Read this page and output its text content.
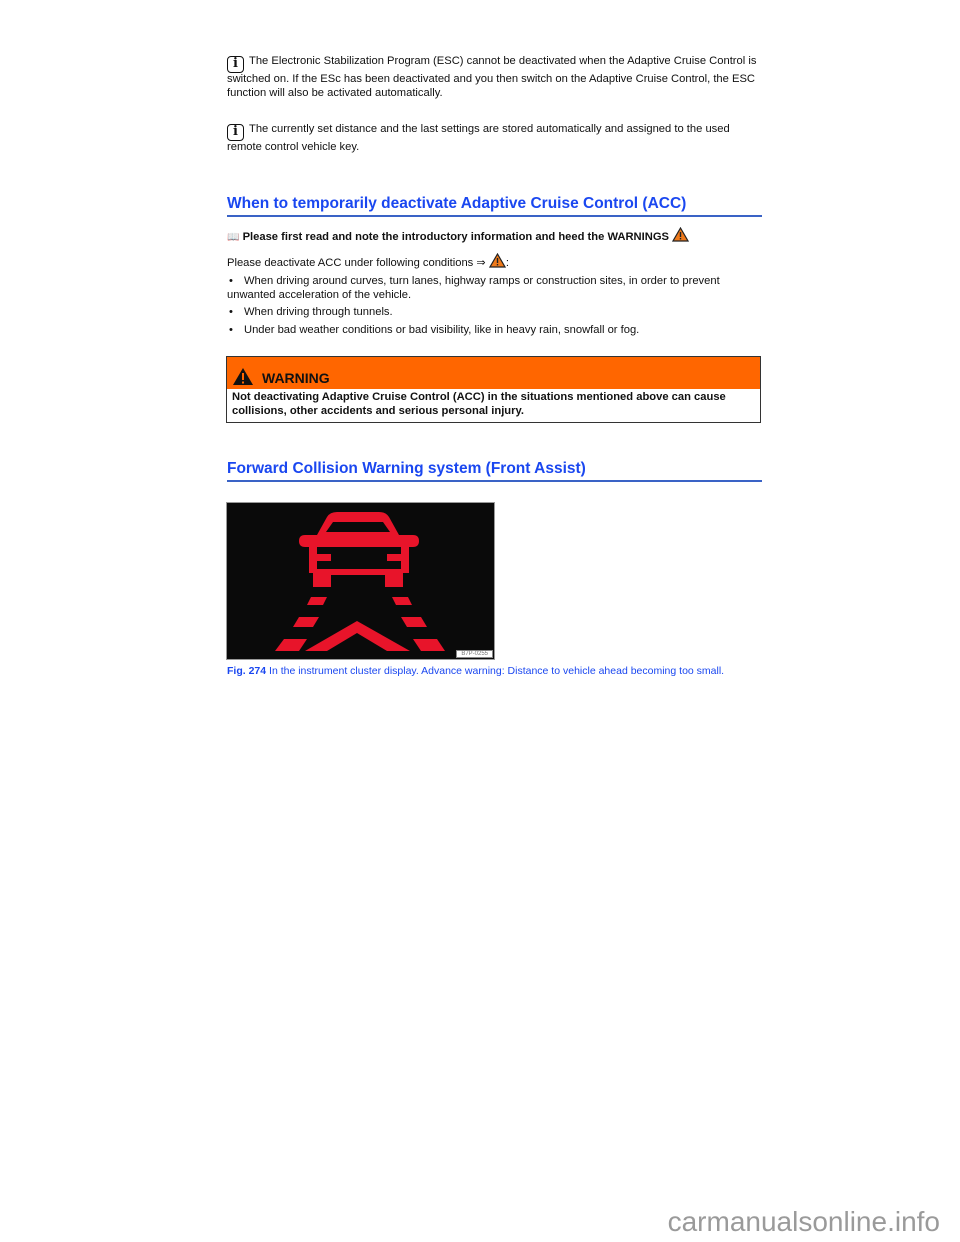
i The Electronic Stabilization Program (ESC) cannot be deactivated when the Adaptive Cruise Control is switched on. If the ESc has been deactivated and you then switch on the Adaptive Cruise Control, the ESC function will also be activated automatically.
i The currently set distance and the last settings are stored automatically and assigned to the used remote control vehicle key.
When to temporarily deactivate Adaptive Cruise Control (ACC)
📖 Please first read and note the introductory information and heed the WARNINGS
Please deactivate ACC under following conditions ⇒ :
• When driving around curves, turn lanes, highway ramps or construction sites, in order to prevent unwanted acceleration of the vehicle.
• When driving through tunnels.
• Under bad weather conditions or bad visibility, like in heavy rain, snowfall or fog.
WARNING
Not deactivating Adaptive Cruise Control (ACC) in the situations mentioned above can cause collisions, other accidents and serious personal injury.
Forward Collision Warning system (Front Assist)
B7P-0255
Fig. 274 In the instrument cluster display. Advance warning: Distance to vehicle ahead becoming too small.
carmanualsonline.info
